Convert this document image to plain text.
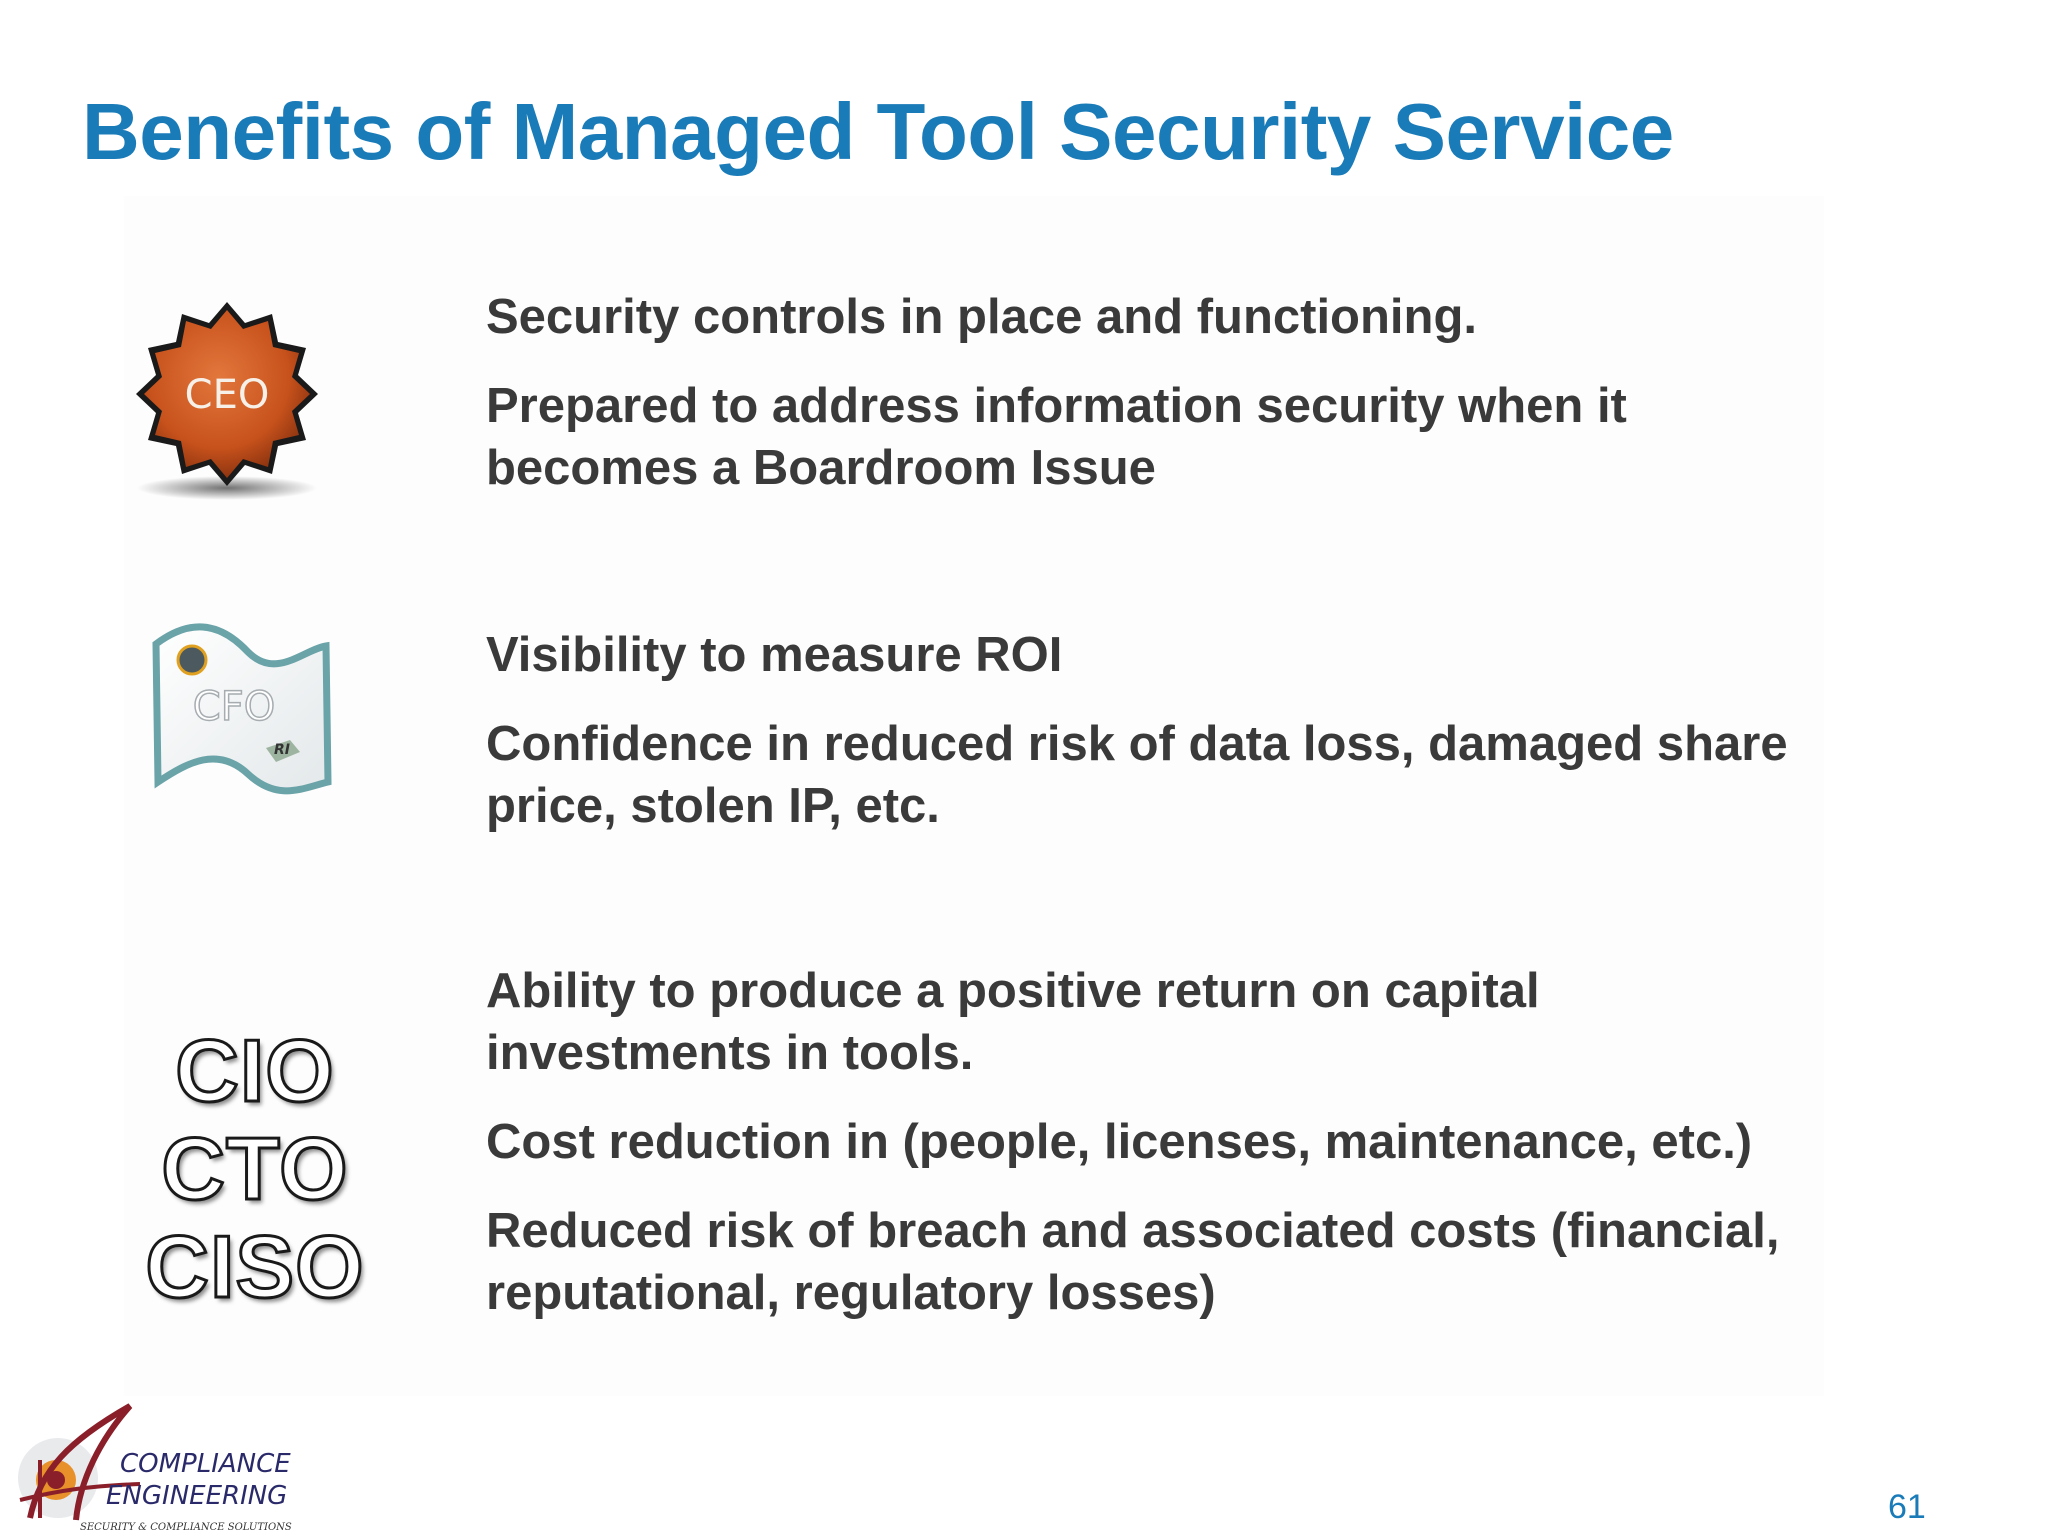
Benefits of Managed Tool Security Service
CEO
CFO
RI
CIO
CTO
CISO

Security controls in place and functioning.

Prepared to address information security when it becomes a Boardroom Issue

Visibility to measure ROI

Confidence in reduced risk of data loss, damaged share price, stolen IP, etc.

Ability to produce a positive return on capital investments in tools.

Cost reduction in (people, licenses, maintenance, etc.)

Reduced risk of breach and associated costs (financial, reputational, regulatory losses)

COMPLIANCE
ENGINEERING
SECURITY & COMPLIANCE SOLUTIONS
61
